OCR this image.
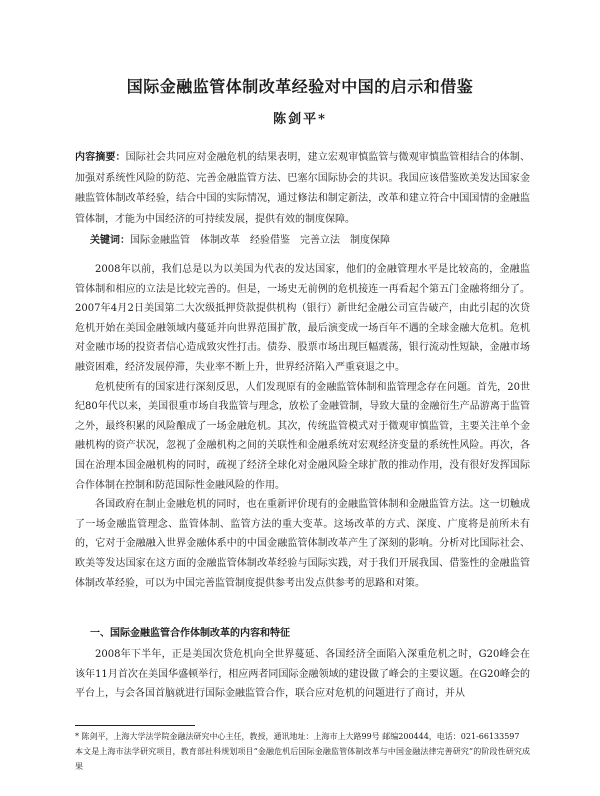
国际金融监管体制改革经验对中国的启示和借鉴
陈剑平*
内容摘要：国际社会共同应对金融危机的结果表明，建立宏观审慎监管与微观审慎监管相结合的体制、加强对系统性风险的防范、完善金融监管方法、巴塞尔国际协会的共识。我国应该借鉴欧美发达国家金融监管体制改革经验，结合中国的实际情况，通过修法和制定新法，改革和建立符合中国国情的金融监管体制，才能为中国经济的可持续发展，提供有效的制度保障。
关键词：国际金融监管　体制改革　经验借鉴　完善立法　制度保障

2008年以前，我们总是以为以美国为代表的发达国家，他们的金融管理水平是比较高的，金融监管体制和相应的立法是比较完善的。但是，一场史无前例的危机接连一再看起个第五门金融将细分了。2007年4月2日美国第二大次级抵押贷款提供机构（银行）新世纪金融公司宣告破产，由此引起的次贷危机开始在美国金融领域内蔓延并向世界范围扩散，最后演变成一场百年不遇的全球金融大危机。危机对金融市场的投资者信心造成致灾性打击。债券、股票市场出现巨幅震荡，银行流动性短缺，金融市场融资困难，经济发展停滞，失业率不断上升，世界经济陷入严重衰退之中。

危机使所有的国家进行深刻反思，人们发现原有的金融监管体制和监管理念存在问题。首先，20世纪80年代以来，美国很重市场自我监管与理念，放松了金融管制，导致大量的金融衍生产品游离于监管之外，最终积累的风险酿成了一场金融危机。其次，传统监管模式对于微观审慎监管，主要关注单个金融机构的资产状况，忽视了金融机构之间的关联性和金融系统对宏观经济变量的系统性风险。再次，各国在治理本国金融机构的同时，疏视了经济全球化对金融风险全球扩散的推动作用，没有很好发挥国际合作体制在控制和防范国际性金融风险的作用。

各国政府在制止金融危机的同时，也在重新评价现有的金融监管体制和金融监管方法。这一切触成了一场金融监管理念、监管体制、监管方法的重大变革。这场改革的方式、深度、广度将是前所未有的，它对于金融融入世界金融体系中的中国金融监管体制改革产生了深刻的影响。分析对比国际社会、欧美等发达国家在这方面的金融监管体制改革经验与国际实践，对于我们开展我国、借鉴性的金融监管体制改革经验，可以为中国完善监管制度提供参考出发点供参考的思路和对策。

一、国际金融监管合作体制改革的内容和特征

2008年下半年，正是美国次贷危机向全世界蔓延、各国经济全面陷入深重危机之时，G20峰会在该年11月首次在美国华盛顿举行，相应两者同国际金融领域的建设做了峰会的主要议题。在G20峰会的平台上，与会各国首脑就进行国际金融监管合作，联合应对危机的问题进行了商讨，并从

* 陈剑平，上海大学法学院金融法研究中心主任，教授，通讯地址：上海市上大路99号 邮编200444，电话：021-66133597

本文是上海市法学研究项目，教育部社科规划项目“金融危机后国际金融监管体制改革与中国金融法律完善研究”的阶段性研究成果
